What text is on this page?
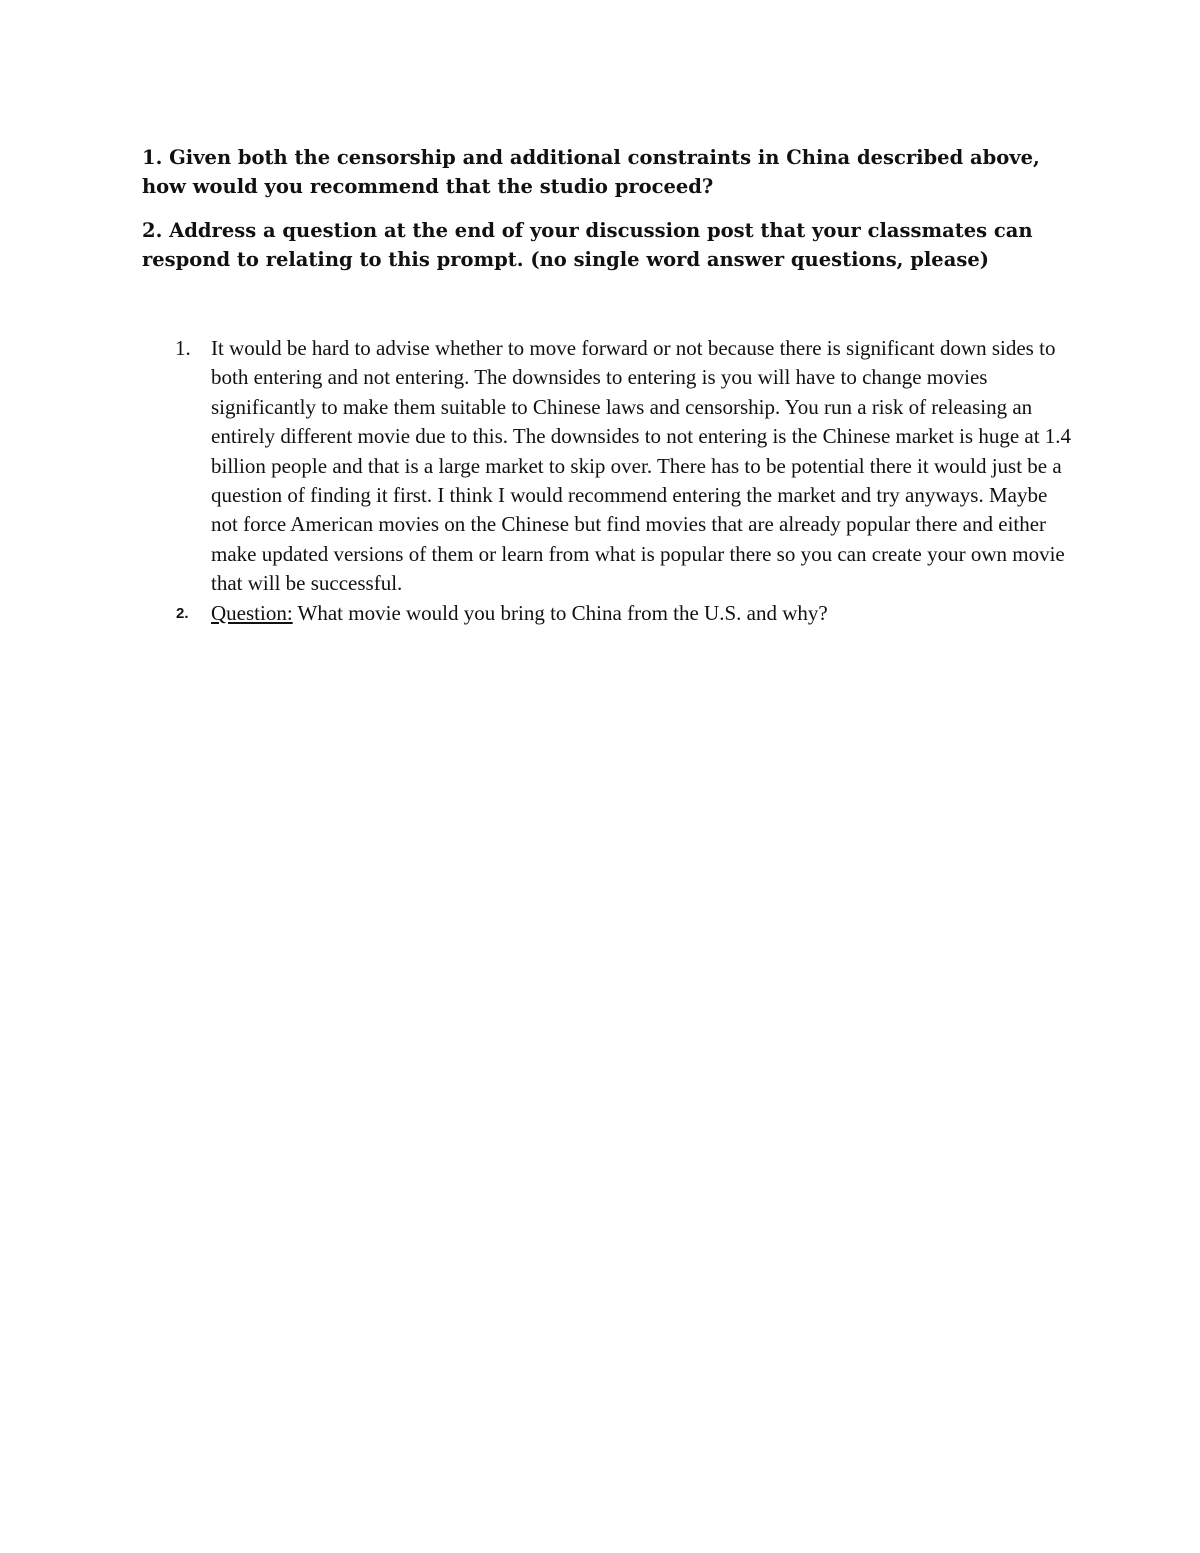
1. Given both the censorship and additional constraints in China described above, how would you recommend that the studio proceed?

2. Address a question at the end of your discussion post that your classmates can respond to relating to this prompt. (no single word answer questions, please)

1. It would be hard to advise whether to move forward or not because there is significant down sides to both entering and not entering. The downsides to entering is you will have to change movies significantly to make them suitable to Chinese laws and censorship. You run a risk of releasing an entirely different movie due to this. The downsides to not entering is the Chinese market is huge at 1.4 billion people and that is a large market to skip over. There has to be potential there it would just be a question of finding it first. I think I would recommend entering the market and try anyways. Maybe not force American movies on the Chinese but find movies that are already popular there and either make updated versions of them or learn from what is popular there so you can create your own movie that will be successful.
2. Question: What movie would you bring to China from the U.S. and why?
